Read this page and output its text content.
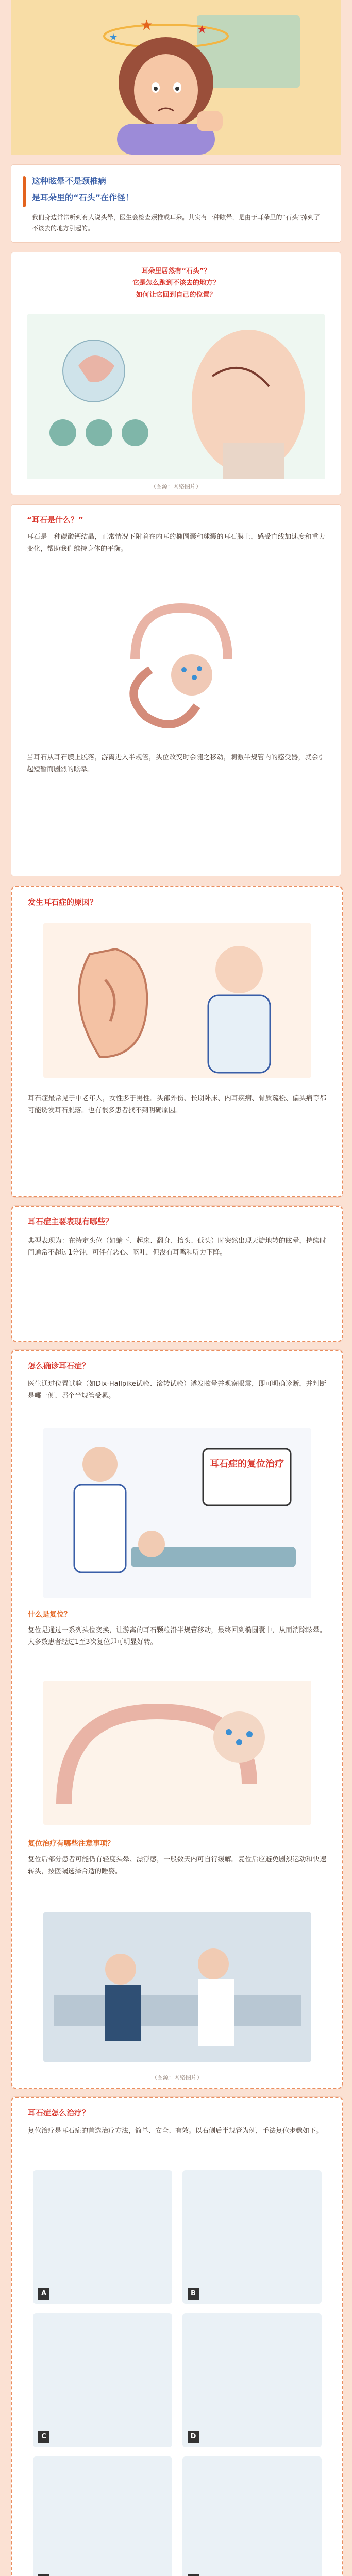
★	★
★
这种眩晕不是颈椎病
是耳朵里的“石头”在作怪！

我们身边常常听到有人说头晕，医生会检查颈椎或耳朵。其实有一种眩晕，是由于耳朵里的“石头”掉到了不该去的地方引起的。

耳朵里居然有“石头”？
它是怎么跑到不该去的地方？
如何让它回到自己的位置？
（图源：网络图片）
“耳石是什么？”

耳石是一种碳酸钙结晶，正常情况下附着在内耳的椭圆囊和球囊的耳石膜上，感受直线加速度和重力变化，帮助我们维持身体的平衡。

当耳石从耳石膜上脱落，游离进入半规管，头位改变时会随之移动，刺激半规管内的感受器，就会引起短暂而剧烈的眩晕。

发生耳石症的原因？

耳石症最常见于中老年人，女性多于男性。头部外伤、长期卧床、内耳疾病、骨质疏松、偏头痛等都可能诱发耳石脱落。也有很多患者找不到明确原因。

耳石症主要表现有哪些？

典型表现为：在特定头位（如躺下、起床、翻身、抬头、低头）时突然出现天旋地转的眩晕，持续时间通常不超过1分钟，可伴有恶心、呕吐，但没有耳鸣和听力下降。

怎么确诊耳石症？

医生通过位置试验（如Dix-Hallpike试验、滚转试验）诱发眩晕并观察眼震，即可明确诊断，并判断是哪一侧、哪个半规管受累。

耳石症的复位治疗
什么是复位？

复位是通过一系列头位变换，让游离的耳石颗粒沿半规管移动，最终回到椭圆囊中，从而消除眩晕。大多数患者经过1至3次复位即可明显好转。

复位治疗有哪些注意事项？

复位后部分患者可能仍有轻度头晕、漂浮感，一般数天内可自行缓解。复位后应避免剧烈运动和快速转头，按医嘱选择合适的睡姿。

（图源：网络图片）
耳石症怎么治疗？

复位治疗是耳石症的首选治疗方法，简单、安全、有效。以右侧后半规管为例，手法复位步骤如下。

A	B
C	D
